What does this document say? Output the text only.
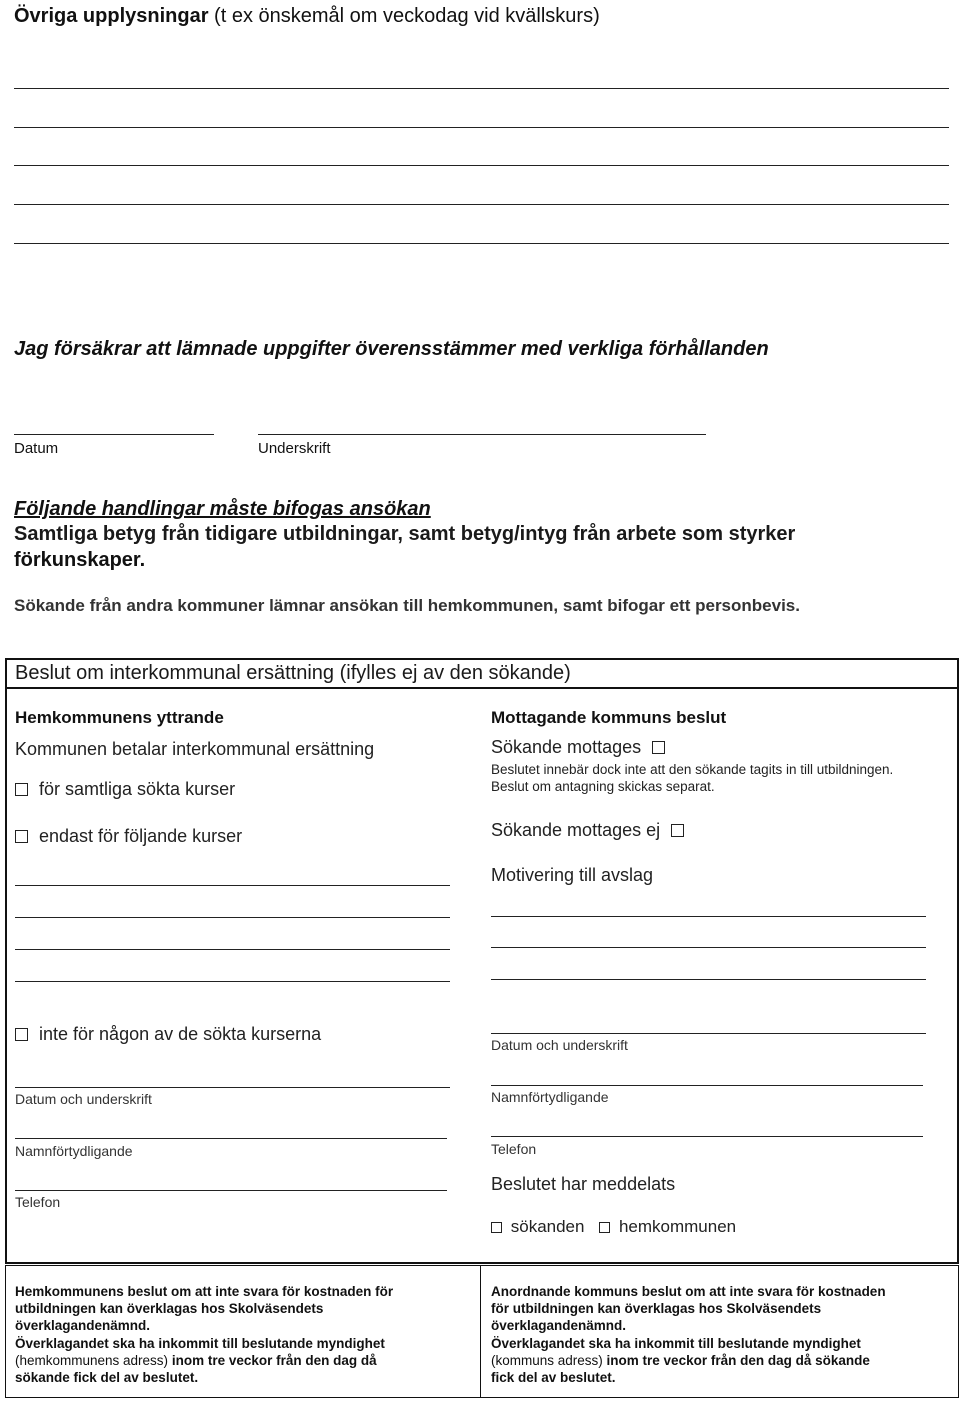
Övriga upplysningar (t ex önskemål om veckodag vid kvällskurs)
Jag försäkrar att lämnade uppgifter överensstämmer med verkliga förhållanden
Datum	Underskrift
Följande handlingar måste bifogas ansökan
Samtliga betyg från tidigare utbildningar, samt betyg/intyg från arbete som styrker
förkunskaper.
Sökande från andra kommuner lämnar ansökan till hemkommunen, samt bifogar ett personbevis.
Beslut om interkommunal ersättning (ifylles ej av den sökande)
Hemkommunens yttrande
Kommunen betalar interkommunal ersättning
för samtliga sökta kurser
endast för följande kurser
inte för någon av de sökta kurserna
Datum och underskrift
Namnförtydligande
Telefon
Mottagande kommuns beslut
Sökande mottages
Beslutet innebär dock inte att den sökande tagits in till utbildningen.
Beslut om antagning skickas separat.
Sökande mottages ej
Motivering till avslag
Datum och underskrift
Namnförtydligande
Telefon
Beslutet har meddelats
sökanden hemkommunen
Hemkommunens beslut om att inte svara för kostnaden för
utbildningen kan överklagas hos Skolväsendets
överklagandenämnd.
Överklagandet ska ha inkommit till beslutande myndighet
(hemkommunens adress) inom tre veckor från den dag då
sökande fick del av beslutet.
Anordnande kommuns beslut om att inte svara för kostnaden
för utbildningen kan överklagas hos Skolväsendets
överklagandenämnd.
Överklagandet ska ha inkommit till beslutande myndighet
(kommuns adress) inom tre veckor från den dag då sökande
fick del av beslutet.
